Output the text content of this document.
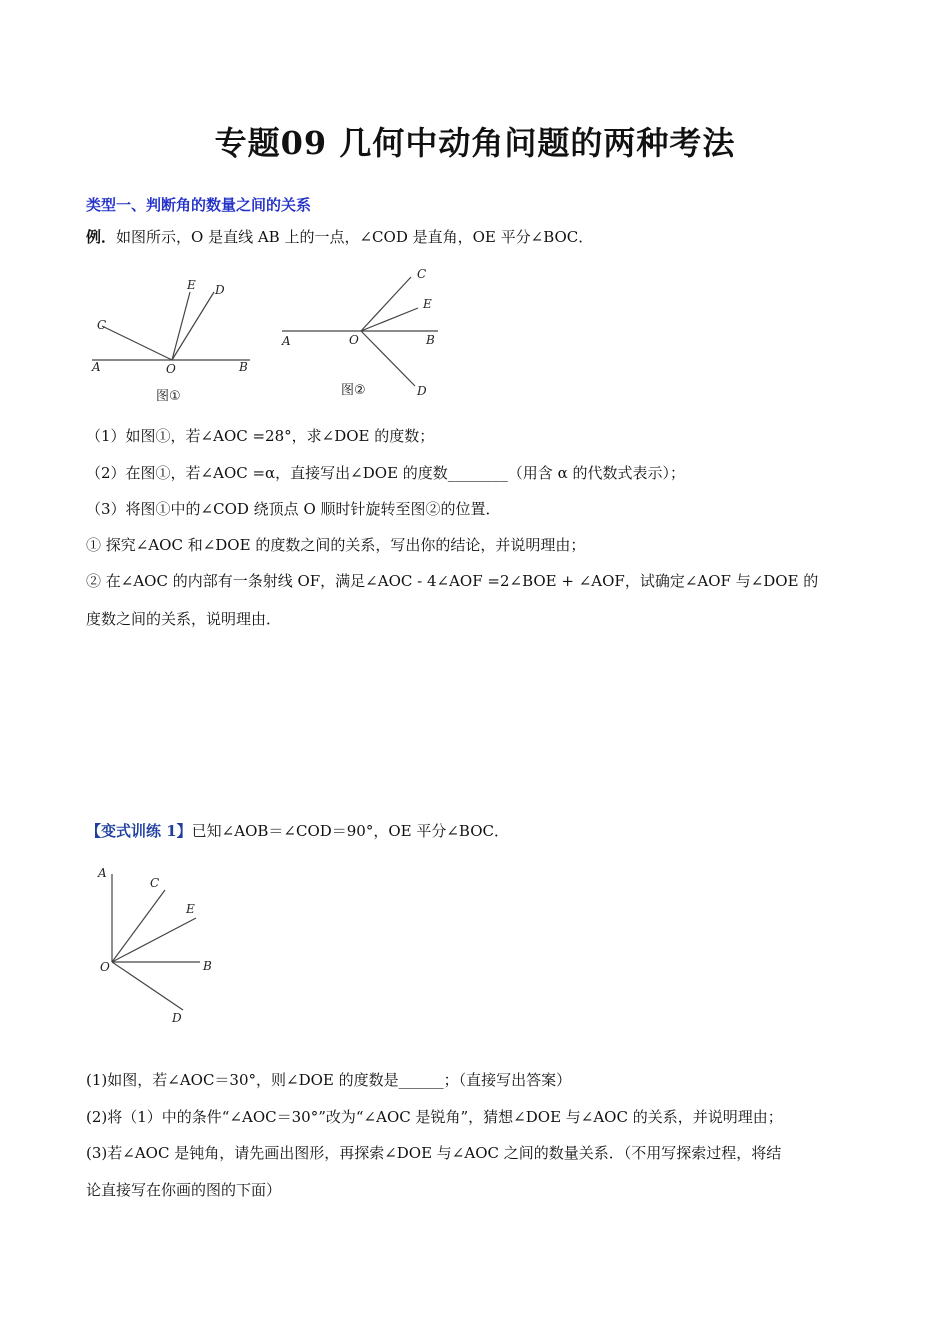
专题09 几何中动角问题的两种考法
类型一、判断角的数量之间的关系
例．如图所示，O 是直线 AB 上的一点，∠COD 是直角，OE 平分∠BOC．
A	O	B
C
E D
图①
A	O	B
C
E
D
图②
（1）如图①，若∠AOC =28°，求∠DOE 的度数；
（2）在图①，若∠AOC =α，直接写出∠DOE 的度数________（用含 α 的代数式表示）；
（3）将图①中的∠COD 绕顶点 O 顺时针旋转至图②的位置．
① 探究∠AOC 和∠DOE 的度数之间的关系，写出你的结论，并说明理由；
② 在∠AOC 的内部有一条射线 OF，满足∠AOC - 4∠AOF =2∠BOE + ∠AOF，试确定∠AOF 与∠DOE 的
度数之间的关系，说明理由．
【变式训练 1】已知∠AOB＝∠COD＝90°，OE 平分∠BOC．
A
C
E
O	B
D
(1)如图，若∠AOC＝30°，则∠DOE 的度数是______；（直接写出答案）
(2)将（1）中的条件“∠AOC＝30°”改为“∠AOC 是锐角”，猜想∠DOE 与∠AOC 的关系，并说明理由；
(3)若∠AOC 是钝角，请先画出图形，再探索∠DOE 与∠AOC 之间的数量关系．（不用写探索过程，将结
论直接写在你画的图的下面）
